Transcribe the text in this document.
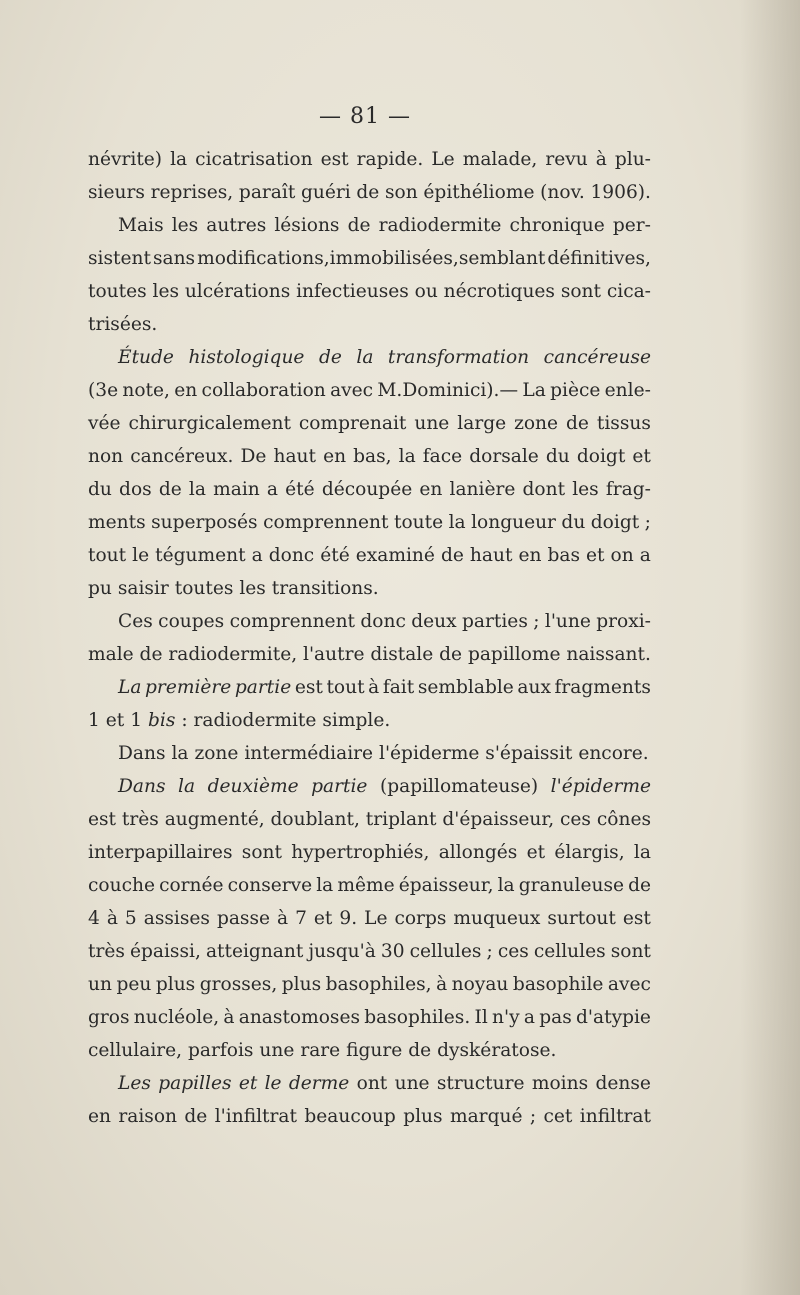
— 81 —
névrite) la cicatrisation est rapide. Le malade, revu à plu-
sieurs reprises, paraît guéri de son épithéliome (nov. 1906).
Mais les autres lésions de radiodermite chronique per-
sistent sans modifications,immobilisées,semblant définitives,
toutes les ulcérations infectieuses ou nécrotiques sont cica-
trisées.
Étude histologique de la transformation cancéreuse
(3e note, en collaboration avec M.Dominici).— La pièce enle-
vée chirurgicalement comprenait une large zone de tissus
non cancéreux. De haut en bas, la face dorsale du doigt et
du dos de la main a été découpée en lanière dont les frag-
ments superposés comprennent toute la longueur du doigt ;
tout le tégument a donc été examiné de haut en bas et on a
pu saisir toutes les transitions.
Ces coupes comprennent donc deux parties ; l'une proxi-
male de radiodermite, l'autre distale de papillome naissant.
La première partie est tout à fait semblable aux fragments
1 et 1 bis : radiodermite simple.
Dans la zone intermédiaire l'épiderme s'épaissit encore.
Dans la deuxième partie (papillomateuse) l'épiderme
est très augmenté, doublant, triplant d'épaisseur, ces cônes
interpapillaires sont hypertrophiés, allongés et élargis, la
couche cornée conserve la même épaisseur, la granuleuse de
4 à 5 assises passe à 7 et 9. Le corps muqueux surtout est
très épaissi, atteignant jusqu'à 30 cellules ; ces cellules sont
un peu plus grosses, plus basophiles, à noyau basophile avec
gros nucléole, à anastomoses basophiles. Il n'y a pas d'atypie
cellulaire, parfois une rare figure de dyskératose.
Les papilles et le derme ont une structure moins dense
en raison de l'infiltrat beaucoup plus marqué ; cet infiltrat
